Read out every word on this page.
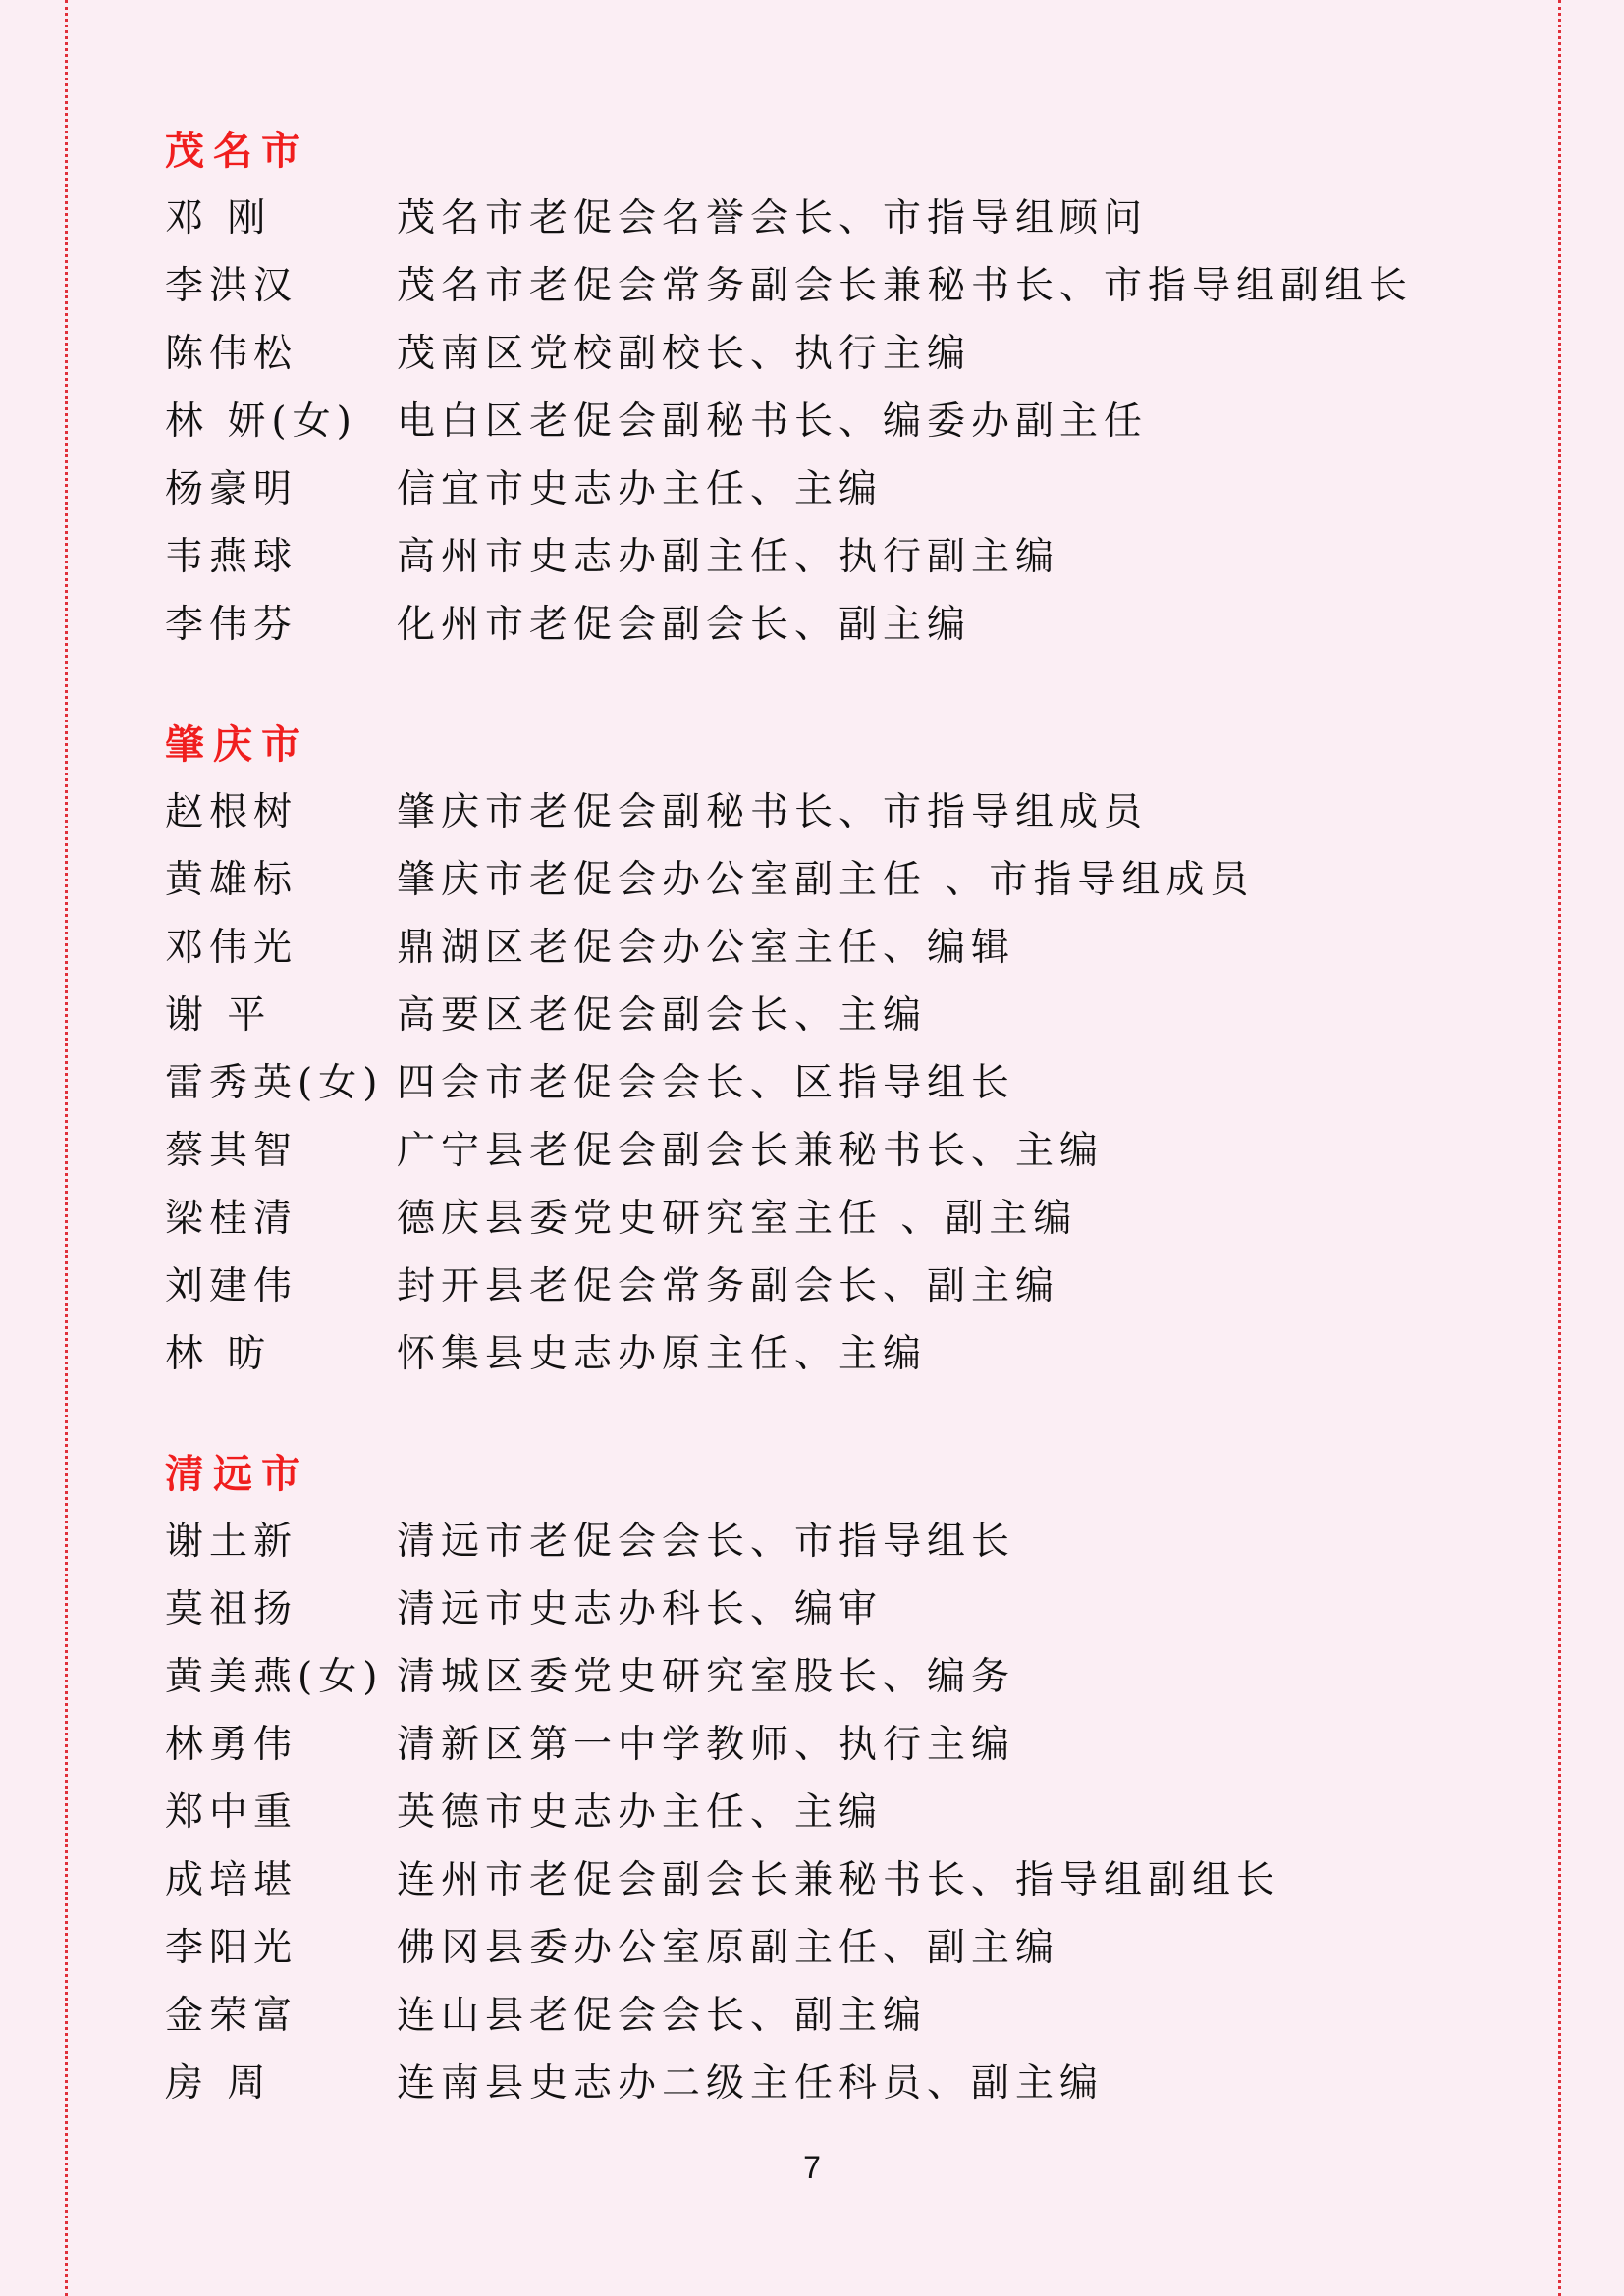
茂名市
邓 刚	茂名市老促会名誉会长、市指导组顾问
李洪汉	茂名市老促会常务副会长兼秘书长、市指导组副组长
陈伟松	茂南区党校副校长、执行主编
林 妍(女)	电白区老促会副秘书长、编委办副主任
杨豪明	信宜市史志办主任、主编
韦燕球	高州市史志办副主任、执行副主编
李伟芬	化州市老促会副会长、副主编
肇庆市
赵根树	肇庆市老促会副秘书长、市指导组成员
黄雄标	肇庆市老促会办公室副主任 、市指导组成员
邓伟光	鼎湖区老促会办公室主任、编辑
谢 平	高要区老促会副会长、主编
雷秀英(女) 四会市老促会会长、区指导组长
蔡其智	广宁县老促会副会长兼秘书长、主编
梁桂清	德庆县委党史研究室主任 、副主编
刘建伟	封开县老促会常务副会长、副主编
林 昉	怀集县史志办原主任、主编
清远市
谢土新	清远市老促会会长、市指导组长
莫祖扬	清远市史志办科长、编审
黄美燕(女) 清城区委党史研究室股长、编务
林勇伟	清新区第一中学教师、执行主编
郑中重	英德市史志办主任、主编
成培堪	连州市老促会副会长兼秘书长、指导组副组长
李阳光	佛冈县委办公室原副主任、副主编
金荣富	连山县老促会会长、副主编
房 周	连南县史志办二级主任科员、副主编
7
